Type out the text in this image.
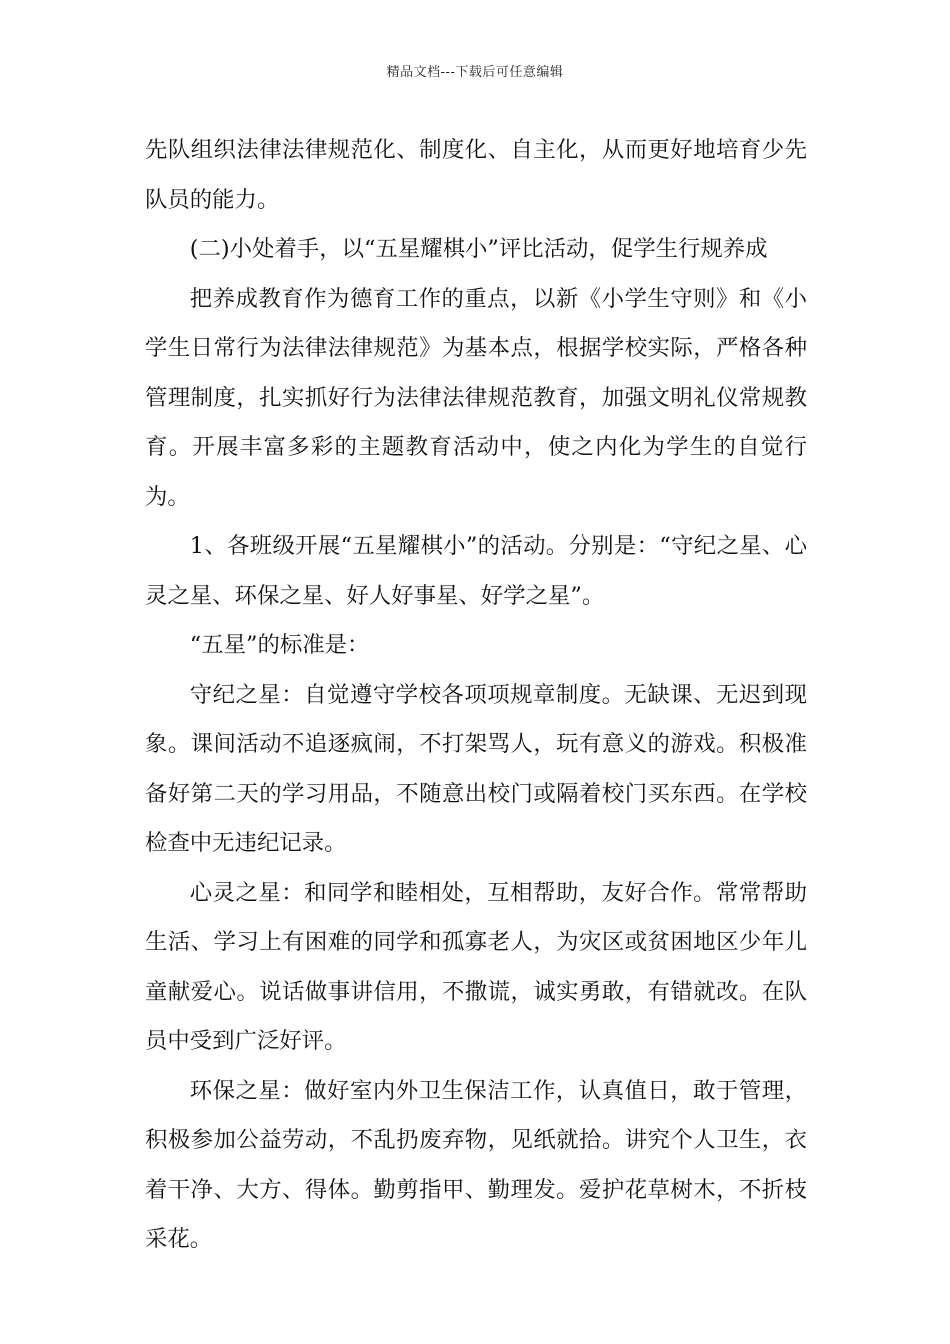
精品文档---下载后可任意编辑

先队组织法律法律规范化、制度化、自主化，从而更好地培育少先队员的能力。

(二)小处着手，以“五星耀棋小”评比活动，促学生行规养成

把养成教育作为德育工作的重点，以新《小学生守则》和《小学生日常行为法律法律规范》为基本点，根据学校实际，严格各种管理制度，扎实抓好行为法律法律规范教育，加强文明礼仪常规教育。开展丰富多彩的主题教育活动中，使之内化为学生的自觉行为。

1、各班级开展“五星耀棋小”的活动。分别是：“守纪之星、心灵之星、环保之星、好人好事星、好学之星”。

“五星”的标准是：

守纪之星：自觉遵守学校各项项规章制度。无缺课、无迟到现象。课间活动不追逐疯闹，不打架骂人，玩有意义的游戏。积极准备好第二天的学习用品，不随意出校门或隔着校门买东西。在学校检查中无违纪记录。

心灵之星：和同学和睦相处，互相帮助，友好合作。常常帮助生活、学习上有困难的同学和孤寡老人，为灾区或贫困地区少年儿童献爱心。说话做事讲信用，不撒谎，诚实勇敢，有错就改。在队员中受到广泛好评。

环保之星：做好室内外卫生保洁工作，认真值日，敢于管理，积极参加公益劳动，不乱扔废弃物，见纸就拾。讲究个人卫生，衣着干净、大方、得体。勤剪指甲、勤理发。爱护花草树木，不折枝采花。
